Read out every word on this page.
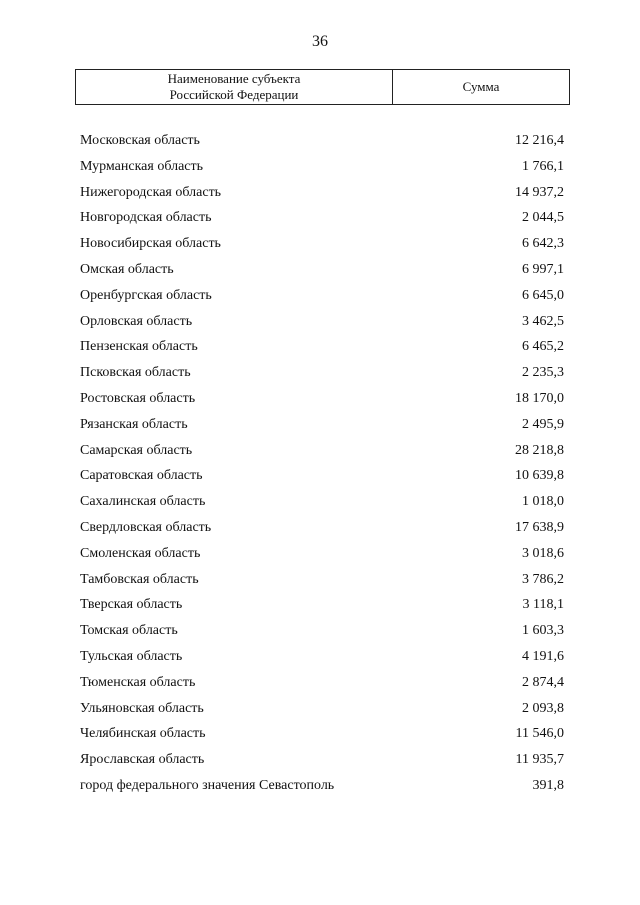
36
Наименование субъекта
Российской Федерации
Сумма
Московская область	12 216,4
Мурманская область	1 766,1
Нижегородская область	14 937,2
Новгородская область	2 044,5
Новосибирская область	6 642,3
Омская область	6 997,1
Оренбургская область	6 645,0
Орловская область	3 462,5
Пензенская область	6 465,2
Псковская область	2 235,3
Ростовская область	18 170,0
Рязанская область	2 495,9
Самарская область	28 218,8
Саратовская область	10 639,8
Сахалинская область	1 018,0
Свердловская область	17 638,9
Смоленская область	3 018,6
Тамбовская область	3 786,2
Тверская область	3 118,1
Томская область	1 603,3
Тульская область	4 191,6
Тюменская область	2 874,4
Ульяновская область	2 093,8
Челябинская область	11 546,0
Ярославская область	11 935,7
город федерального значения Севастополь	391,8
